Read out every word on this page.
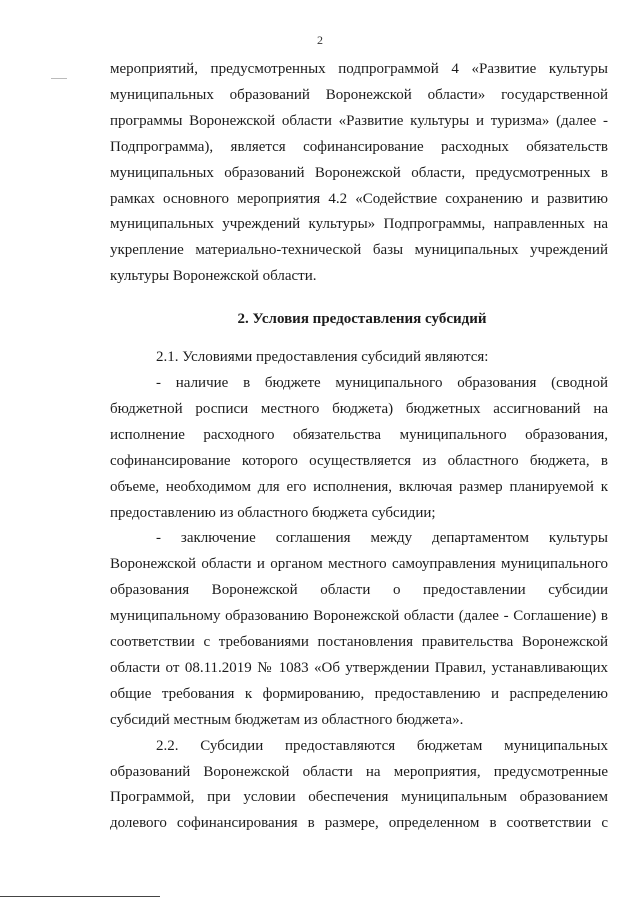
2

мероприятий, предусмотренных подпрограммой 4 «Развитие культуры муниципальных образований Воронежской области» государственной программы Воронежской области «Развитие культуры и туризма» (далее - Подпрограмма), является софинансирование расходных обязательств муниципальных образований Воронежской области, предусмотренных в рамках основного мероприятия 4.2 «Содействие сохранению и развитию муниципальных учреждений культуры» Подпрограммы, направленных на укрепление материально-технической базы муниципальных учреждений культуры Воронежской области.

2. Условия предоставления субсидий

2.1. Условиями предоставления субсидий являются:

- наличие в бюджете муниципального образования (сводной бюджетной росписи местного бюджета) бюджетных ассигнований на исполнение расходного обязательства муниципального образования, софинансирование которого осуществляется из областного бюджета, в объеме, необходимом для его исполнения, включая размер планируемой к предоставлению из областного бюджета субсидии;

- заключение соглашения между департаментом культуры Воронежской области и органом местного самоуправления муниципального образования Воронежской области о предоставлении субсидии муниципальному образованию Воронежской области (далее - Соглашение) в соответствии с требованиями постановления правительства Воронежской области от 08.11.2019 № 1083 «Об утверждении Правил, устанавливающих общие требования к формированию, предоставлению и распределению субсидий местным бюджетам из областного бюджета».

2.2. Субсидии предоставляются бюджетам муниципальных образований Воронежской области на мероприятия, предусмотренные Программой, при условии обеспечения муниципальным образованием долевого софинансирования в размере, определенном в соответствии с
